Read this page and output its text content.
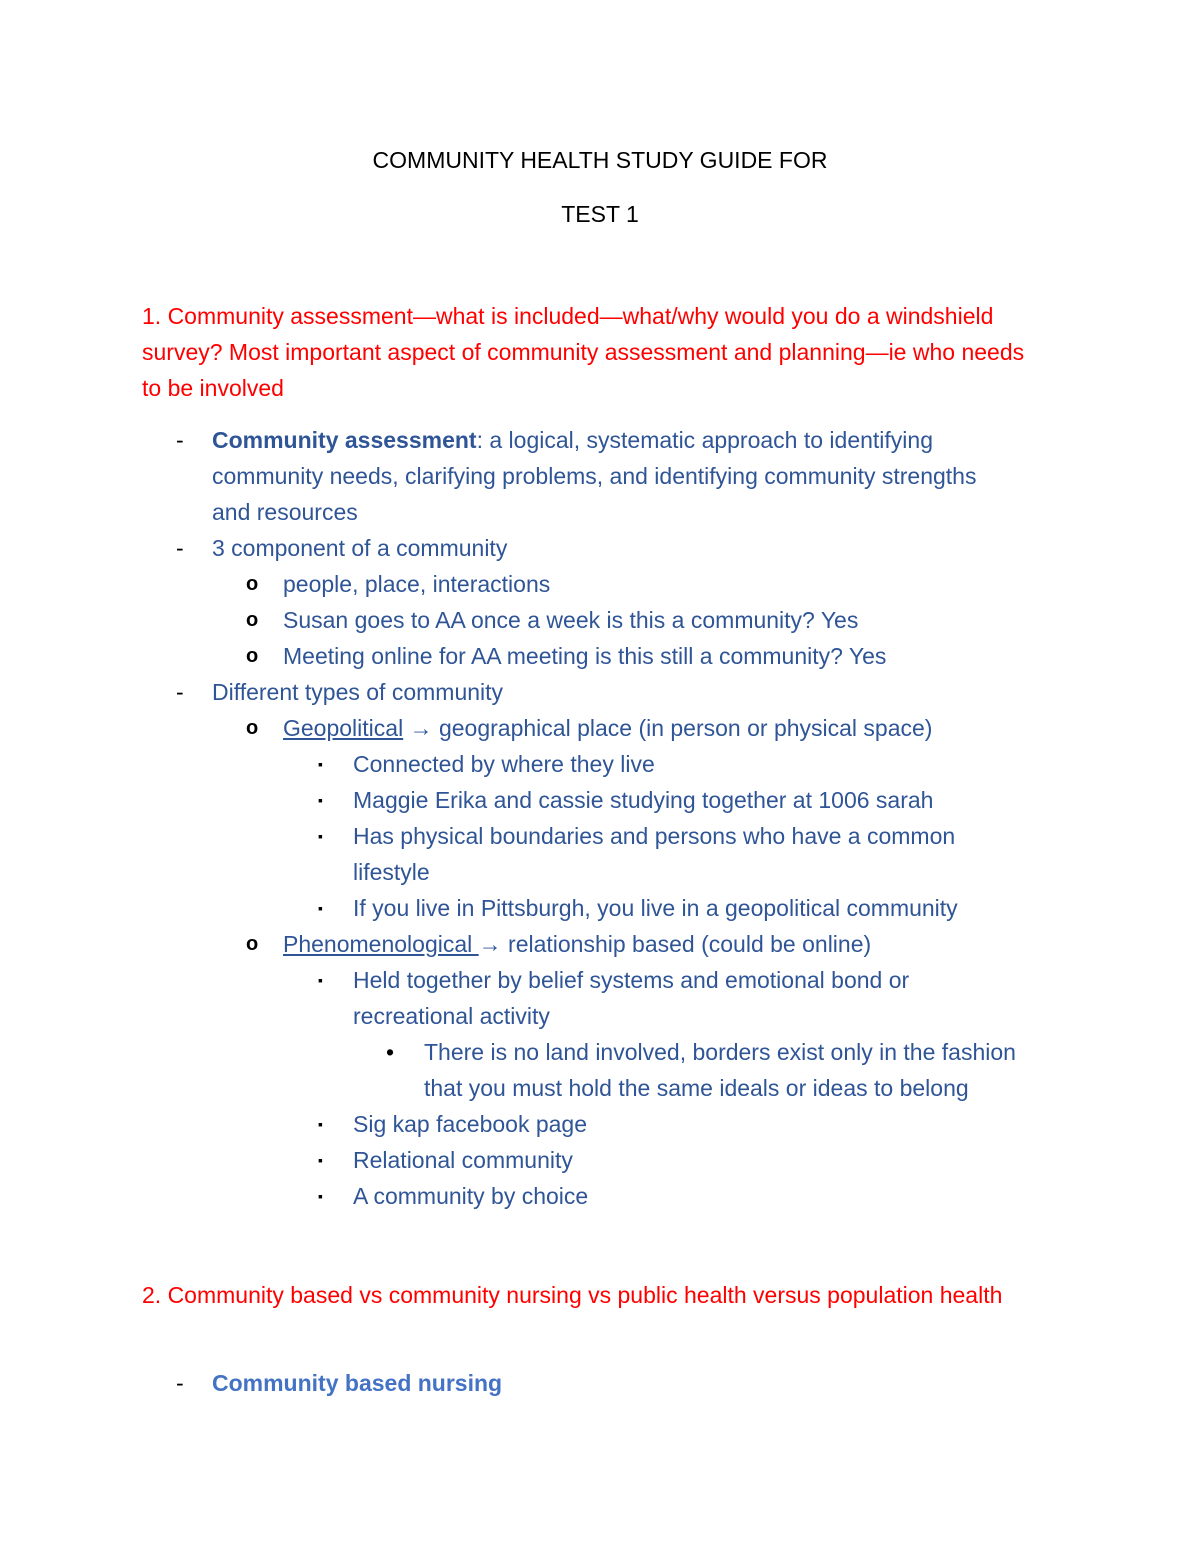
COMMUNITY HEALTH STUDY GUIDE FOR
TEST 1
1. Community assessment—what is included—what/why would you do a windshield survey? Most important aspect of community assessment and planning—ie who needs to be involved
- Community assessment: a logical, systematic approach to identifying community needs, clarifying problems, and identifying community strengths and resources
- 3 component of a community
o people, place, interactions
o Susan goes to AA once a week is this a community? Yes
o Meeting online for AA meeting is this still a community? Yes
- Different types of community
o Geopolitical → geographical place (in person or physical space)
▪ Connected by where they live
▪ Maggie Erika and cassie studying together at 1006 sarah
▪ Has physical boundaries and persons who have a common lifestyle
▪ If you live in Pittsburgh, you live in a geopolitical community
o Phenomenological → relationship based (could be online)
▪ Held together by belief systems and emotional bond or recreational activity
• There is no land involved, borders exist only in the fashion that you must hold the same ideals or ideas to belong
▪ Sig kap facebook page
▪ Relational community
▪ A community by choice
2. Community based vs community nursing vs public health versus population health
- Community based nursing
